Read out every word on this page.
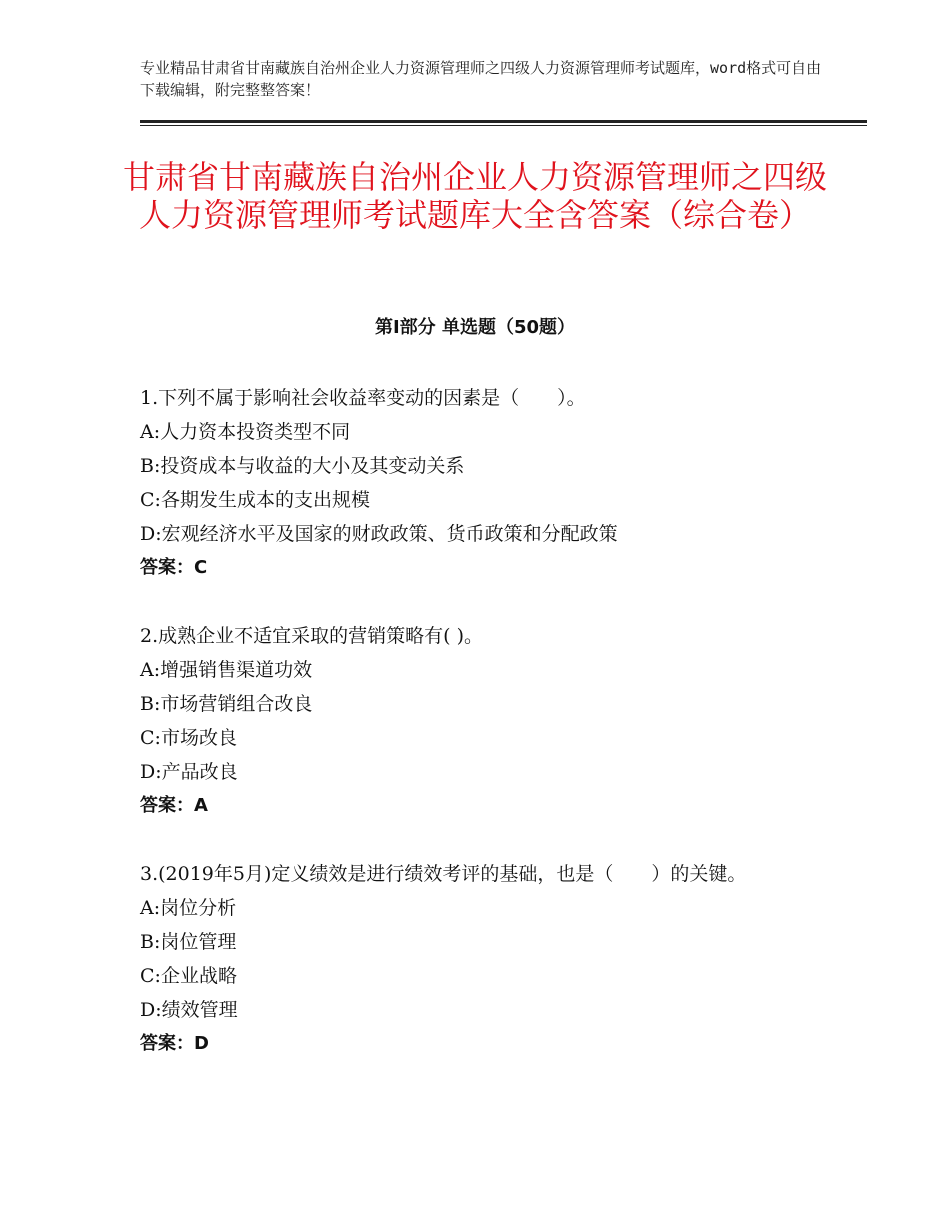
专业精品甘肃省甘南藏族自治州企业人力资源管理师之四级人力资源管理师考试题库，word格式可自由下载编辑，附完整整答案！
甘肃省甘南藏族自治州企业人力资源管理师之四级人力资源管理师考试题库大全含答案（综合卷）
第Ⅰ部分 单选题（50题）

1.下列不属于影响社会收益率变动的因素是（　　）。

A:人力资本投资类型不同

B:投资成本与收益的大小及其变动关系

C:各期发生成本的支出规模

D:宏观经济水平及国家的财政政策、货币政策和分配政策

答案：C

2.成熟企业不适宜采取的营销策略有( )。

A:增强销售渠道功效

B:市场营销组合改良

C:市场改良

D:产品改良

答案：A

3.(2019年5月)定义绩效是进行绩效考评的基础，也是（　　）的关键。

A:岗位分析

B:岗位管理

C:企业战略

D:绩效管理

答案：D
